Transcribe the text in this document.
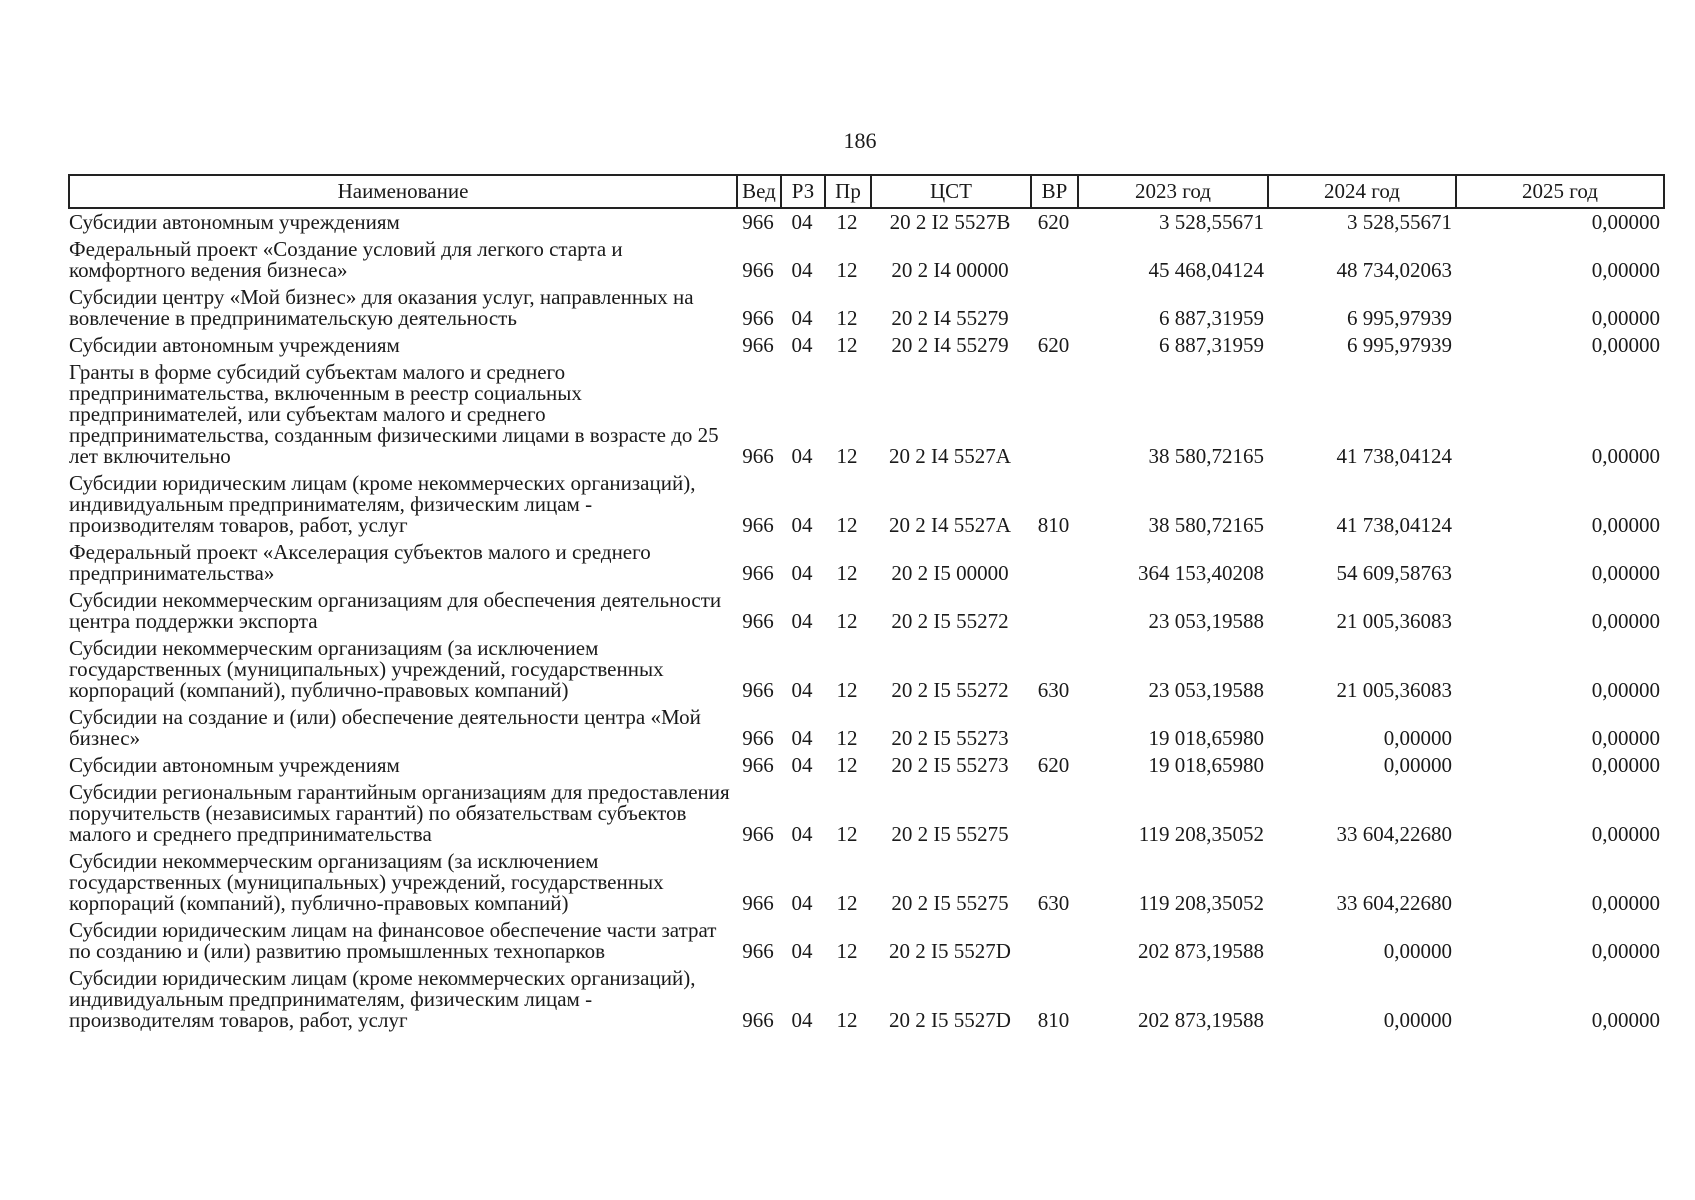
186
Наименование	Вед	РЗ	Пр	ЦСТ	ВР	2023 год	2024 год	2025 год
Субсидии автономным учреждениям	966	04	12	20 2 I2 5527B	620	3 528,55671	3 528,55671	0,00000
Федеральный проект «Создание условий для легкого старта и комфортного ведения бизнеса»	966	04	12	20 2 I4 00000		45 468,04124	48 734,02063	0,00000
Субсидии центру «Мой бизнес» для оказания услуг, направленных на вовлечение в предпринимательскую деятельность	966	04	12	20 2 I4 55279		6 887,31959	6 995,97939	0,00000
Субсидии автономным учреждениям	966	04	12	20 2 I4 55279	620	6 887,31959	6 995,97939	0,00000
Гранты в форме субсидий субъектам малого и среднего предпринимательства, включенным в реестр социальных предпринимателей, или субъектам малого и среднего предпринимательства, созданным физическими лицами в возрасте до 25 лет включительно	966	04	12	20 2 I4 5527A		38 580,72165	41 738,04124	0,00000
Субсидии юридическим лицам (кроме некоммерческих организаций), индивидуальным предпринимателям, физическим лицам - производителям товаров, работ, услуг	966	04	12	20 2 I4 5527A	810	38 580,72165	41 738,04124	0,00000
Федеральный проект «Акселерация субъектов малого и среднего предпринимательства»	966	04	12	20 2 I5 00000		364 153,40208	54 609,58763	0,00000
Субсидии некоммерческим организациям для обеспечения деятельности центра поддержки экспорта	966	04	12	20 2 I5 55272		23 053,19588	21 005,36083	0,00000
Субсидии некоммерческим организациям (за исключением государственных (муниципальных) учреждений, государственных корпораций (компаний), публично-правовых компаний)	966	04	12	20 2 I5 55272	630	23 053,19588	21 005,36083	0,00000
Субсидии на создание и (или) обеспечение деятельности центра «Мой бизнес»	966	04	12	20 2 I5 55273		19 018,65980	0,00000	0,00000
Субсидии автономным учреждениям	966	04	12	20 2 I5 55273	620	19 018,65980	0,00000	0,00000
Субсидии региональным гарантийным организациям для предоставления поручительств (независимых гарантий) по обязательствам субъектов малого и среднего предпринимательства	966	04	12	20 2 I5 55275		119 208,35052	33 604,22680	0,00000
Субсидии некоммерческим организациям (за исключением государственных (муниципальных) учреждений, государственных корпораций (компаний), публично-правовых компаний)	966	04	12	20 2 I5 55275	630	119 208,35052	33 604,22680	0,00000
Субсидии юридическим лицам на финансовое обеспечение части затрат по созданию и (или) развитию промышленных технопарков	966	04	12	20 2 I5 5527D		202 873,19588	0,00000	0,00000
Субсидии юридическим лицам (кроме некоммерческих организаций), индивидуальным предпринимателям, физическим лицам - производителям товаров, работ, услуг	966	04	12	20 2 I5 5527D	810	202 873,19588	0,00000	0,00000
